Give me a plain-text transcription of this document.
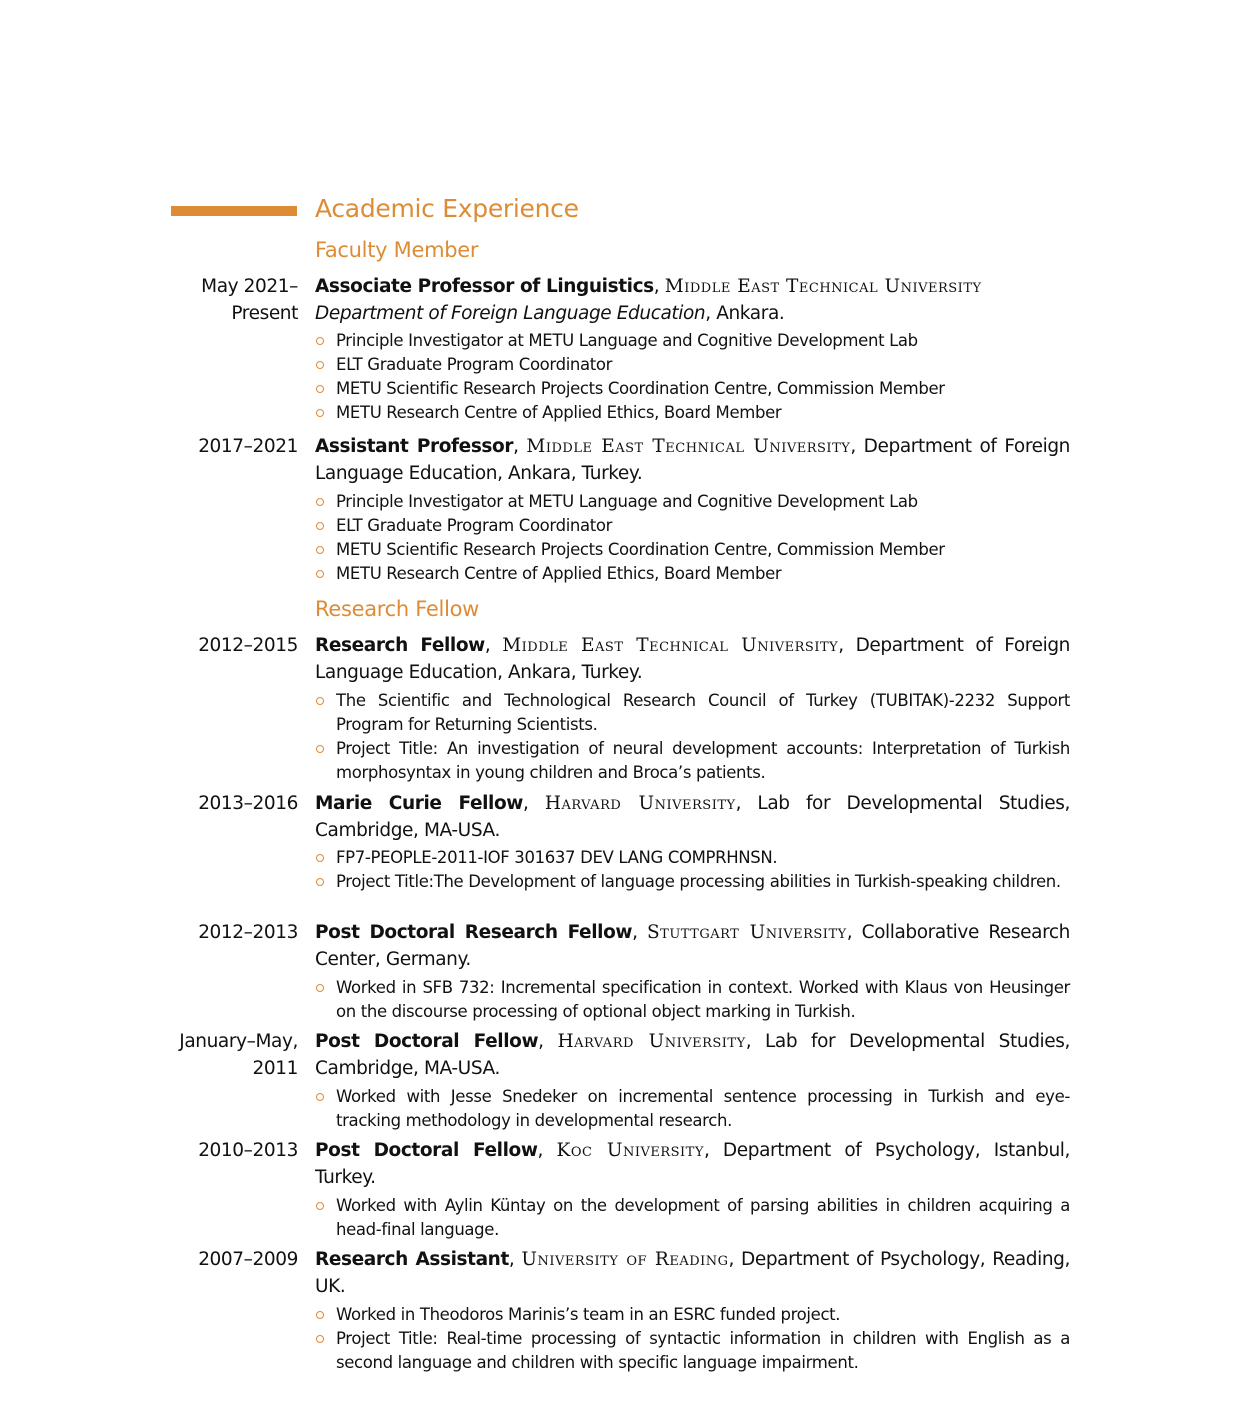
Academic Experience
Faculty Member
May 2021–
Present
Associate Professor of Linguistics, Middle East Technical University
Department of Foreign Language Education, Ankara.
Principle Investigator at METU Language and Cognitive Development Lab
ELT Graduate Program Coordinator
METU Scientific Research Projects Coordination Centre, Commission Member
METU Research Centre of Applied Ethics, Board Member
2017–2021 Assistant Professor, Middle East Technical University, Department of Foreign Language Education, Ankara, Turkey.
Principle Investigator at METU Language and Cognitive Development Lab
ELT Graduate Program Coordinator
METU Scientific Research Projects Coordination Centre, Commission Member
METU Research Centre of Applied Ethics, Board Member
Research Fellow
2012–2015 Research Fellow, Middle East Technical University, Department of Foreign Language Education, Ankara, Turkey.
The Scientific and Technological Research Council of Turkey (TUBITAK)-2232 Support Program for Returning Scientists.
Project Title: An investigation of neural development accounts: Interpretation of Turkish morphosyntax in young children and Broca’s patients.
2013–2016 Marie Curie Fellow, Harvard University, Lab for Developmental Studies, Cambridge, MA-USA.
FP7-PEOPLE-2011-IOF 301637 DEV LANG COMPRHNSN.
Project Title:The Development of language processing abilities in Turkish-speaking children.
2012–2013 Post Doctoral Research Fellow, Stuttgart University, Collaborative Research Center, Germany.
Worked in SFB 732: Incremental specification in context. Worked with Klaus von Heusinger on the discourse processing of optional object marking in Turkish.
January–May,
2011
Post Doctoral Fellow, Harvard University, Lab for Developmental Studies, Cambridge, MA-USA.
Worked with Jesse Snedeker on incremental sentence processing in Turkish and eye-tracking methodology in developmental research.
2010–2013 Post Doctoral Fellow, Koc University, Department of Psychology, Istanbul, Turkey.
Worked with Aylin Küntay on the development of parsing abilities in children acquiring a head-final language.
2007–2009 Research Assistant, University of Reading, Department of Psychology, Reading, UK.
Worked in Theodoros Marinis’s team in an ESRC funded project.
Project Title: Real-time processing of syntactic information in children with English as a second language and children with specific language impairment.
